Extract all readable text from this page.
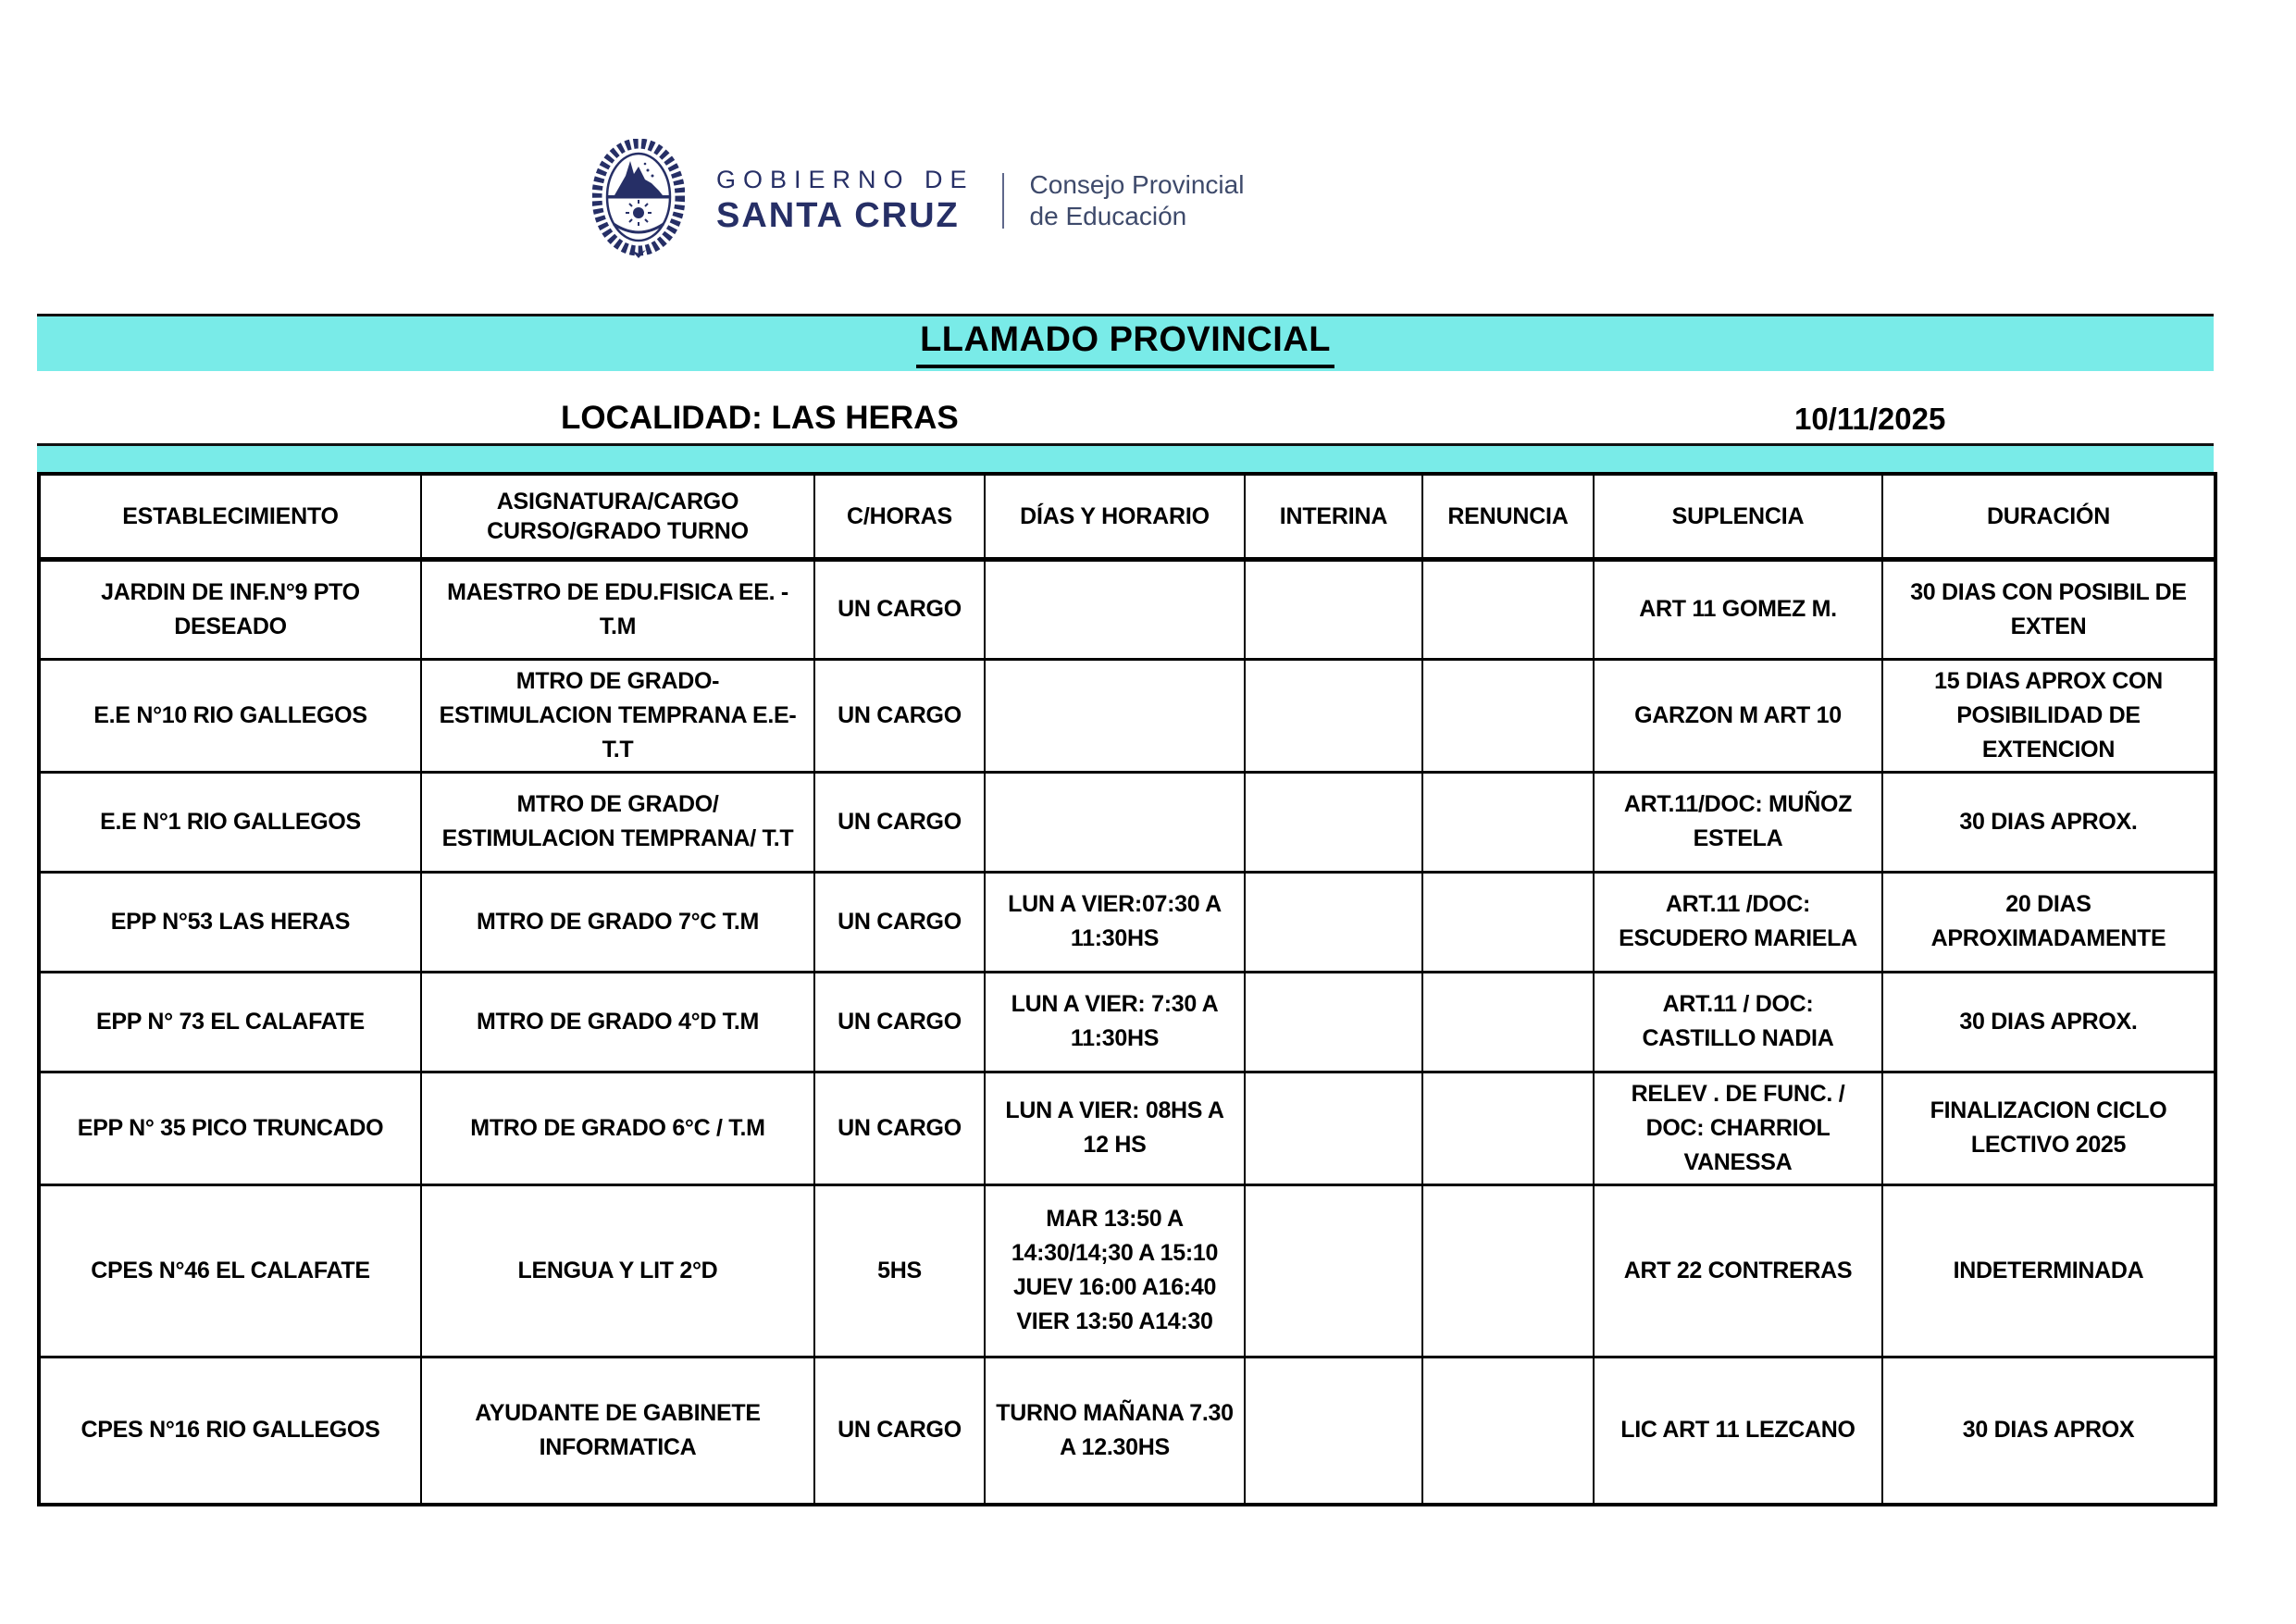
GOBIERNO DE
SANTA CRUZ
Consejo Provincial
de Educación
LLAMADO PROVINCIAL
LOCALIDAD: LAS HERAS	10/11/2025
ESTABLECIMIENTO	ASIGNATURA/CARGO CURSO/GRADO TURNO	C/HORAS	DÍAS Y HORARIO	INTERINA	RENUNCIA	SUPLENCIA	DURACIÓN
JARDIN DE INF.N°9 PTO DESEADO	MAESTRO DE EDU.FISICA EE. - T.M	UN CARGO				ART 11 GOMEZ M.	30 DIAS CON POSIBIL DE EXTEN
E.E N°10 RIO GALLEGOS	MTRO DE GRADO- ESTIMULACION TEMPRANA E.E-T.T	UN CARGO				GARZON M ART 10	15 DIAS APROX CON POSIBILIDAD DE EXTENCION
E.E N°1 RIO GALLEGOS	MTRO DE GRADO/ ESTIMULACION TEMPRANA/ T.T	UN CARGO				ART.11/DOC: MUÑOZ ESTELA	30 DIAS APROX.
EPP N°53 LAS HERAS	MTRO DE GRADO 7°C T.M	UN CARGO	LUN A VIER:07:30 A 11:30HS			ART.11 /DOC: ESCUDERO MARIELA	20 DIAS APROXIMADAMENTE
EPP N° 73 EL CALAFATE	MTRO DE GRADO 4°D T.M	UN CARGO	LUN A VIER: 7:30 A 11:30HS			ART.11 / DOC: CASTILLO NADIA	30 DIAS APROX.
EPP N° 35 PICO TRUNCADO	MTRO DE GRADO 6°C / T.M	UN CARGO	LUN A VIER: 08HS A 12 HS			RELEV . DE FUNC. / DOC: CHARRIOL VANESSA	FINALIZACION CICLO LECTIVO 2025
CPES N°46 EL CALAFATE	LENGUA Y LIT 2°D	5HS	MAR 13:50 A 14:30/14;30 A 15:10 JUEV 16:00 A16:40 VIER 13:50 A14:30			ART 22 CONTRERAS	INDETERMINADA
CPES N°16 RIO GALLEGOS	AYUDANTE DE GABINETE INFORMATICA	UN CARGO	TURNO MAÑANA 7.30 A 12.30HS			LIC ART 11 LEZCANO	30 DIAS APROX
